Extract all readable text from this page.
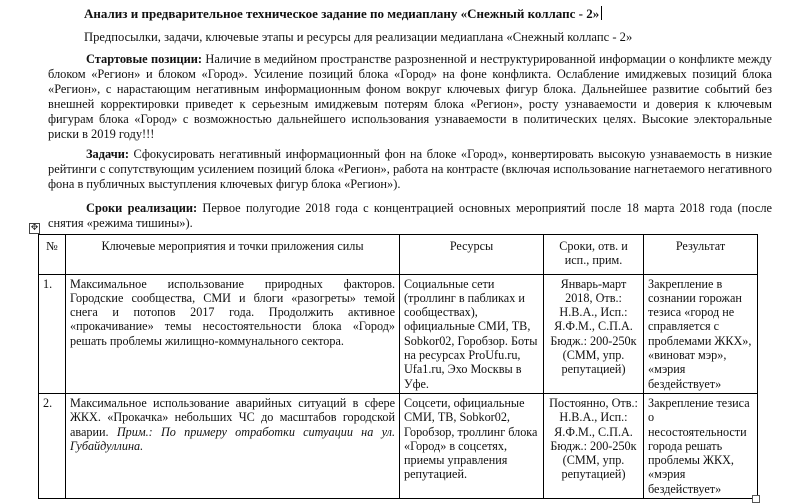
Анализ и предварительное техническое задание по медиаплану «Снежный коллапс - 2»
Предпосылки, задачи, ключевые этапы и ресурсы для реализации медиаплана «Снежный коллапс - 2»

Стартовые позиции: Наличие в медийном пространстве разрозненной и неструктурированной информации о конфликте между блоком «Регион» и блоком «Город». Усиление позиций блока «Город» на фоне конфликта. Ослабление имиджевых позиций блока «Регион», с нарастающим негативным информационным фоном вокруг ключевых фигур блока. Дальнейшее развитие событий без внешней корректировки приведет к серьезным имиджевым потерям блока «Регион», росту узнаваемости и доверия к ключевым фигурам блока «Город» с возможностью дальнейшего использования узнаваемости в политических целях. Высокие электоральные риски в 2019 году!!!

Задачи: Сфокусировать негативный информационный фон на блоке «Город», конвертировать высокую узнаваемость в низкие рейтинги с сопутствующим усилением позиций блока «Регион», работа на контрасте (включая использование нагнетаемого негативного фона в публичных выступления ключевых фигур блока «Регион»).

Сроки реализации: Первое полугодие 2018 года с концентрацией основных мероприятий после 18 марта 2018 года (после снятия «режима тишины»).

✥
№	Ключевые мероприятия и точки приложения силы	Ресурсы	Сроки, отв. и исп., прим.	Результат
1.	Максимальное использование природных факторов. Городские сообщества, СМИ и блоги «разогреты» темой снега и потопов 2017 года. Продолжить активное «прокачивание» темы несостоятельности блока «Город» решать проблемы жилищно-коммунального сектора.	Социальные сети (троллинг в пабликах и сообществах), официальные СМИ, ТВ, Sobkor02, Горобзор. Боты на ресурсах ProUfu.ru, Ufa1.ru, Эхо Москвы в Уфе.	Январь-март 2018, Отв.: Н.В.А., Исп.: Я.Ф.М., С.П.А. Бюдж.: 200-250к (СММ, упр. репутацией)	Закрепление в сознании горожан тезиса «город не справляется с проблемами ЖКХ», «виноват мэр», «мэрия бездействует»
2.	Максимальное использование аварийных ситуаций в сфере ЖКХ. «Прокачка» небольших ЧС до масштабов городской аварии. Прим.: По примеру отработки ситуации на ул. Губайдуллина.	Соцсети, официальные СМИ, ТВ, Sobkor02, Горобзор, троллинг блока «Город» в соцсетях, приемы управления репутацией.	Постоянно, Отв.: Н.В.А., Исп.: Я.Ф.М., С.П.А. Бюдж.: 200-250к (СММ, упр. репутацией)	Закрепление тезиса о несостоятельности города решать проблемы ЖКХ, «мэрия бездействует»
